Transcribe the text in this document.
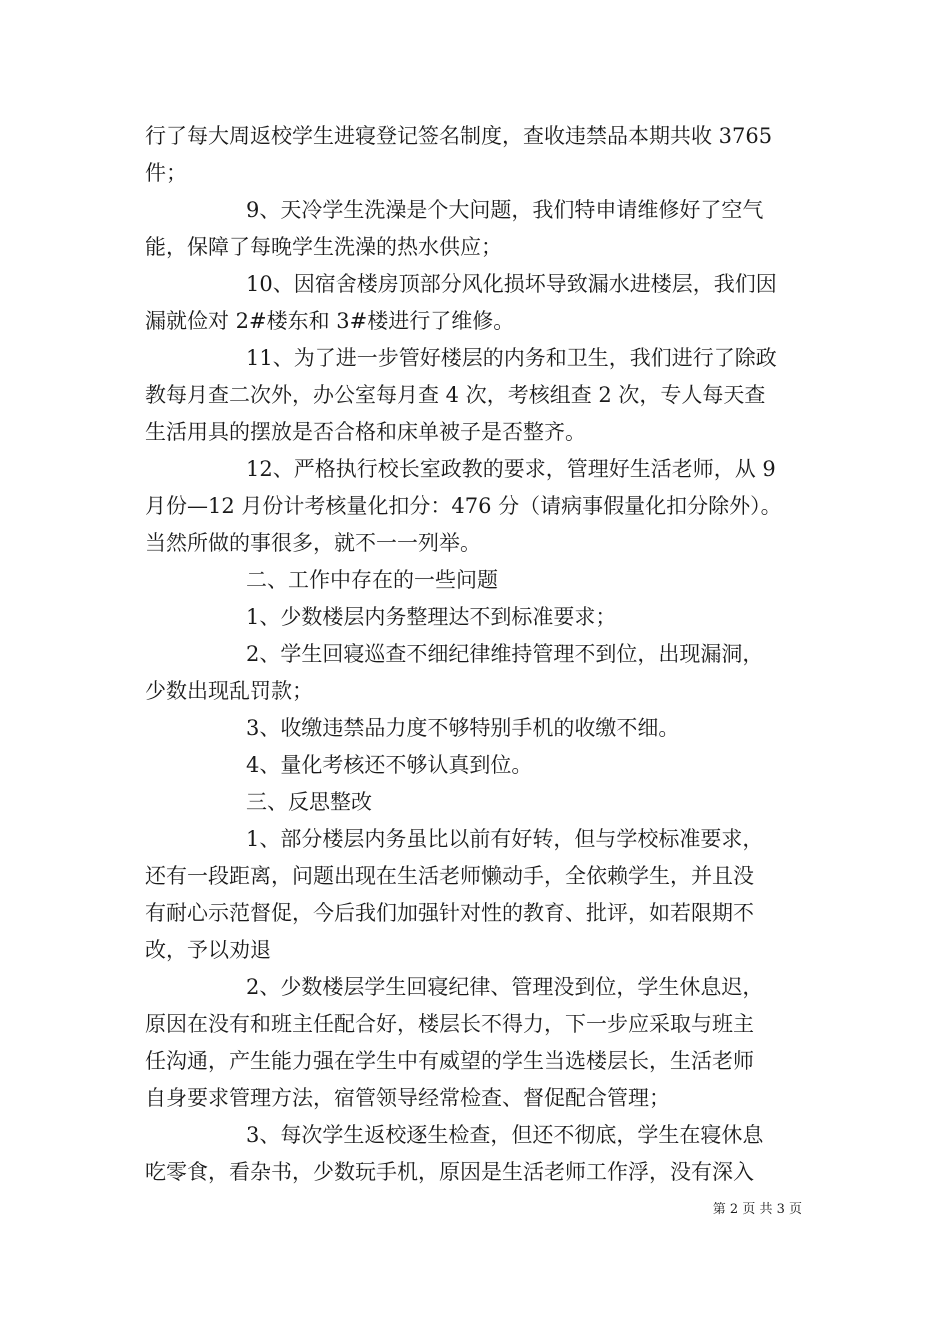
行了每大周返校学生进寝登记签名制度，查收违禁品本期共收 3765
件；
9、天冷学生洗澡是个大问题，我们特申请维修好了空气
能，保障了每晚学生洗澡的热水供应；
10、因宿舍楼房顶部分风化损坏导致漏水进楼层，我们因
漏就俭对 2#楼东和 3#楼进行了维修。
11、为了进一步管好楼层的内务和卫生，我们进行了除政
教每月查二次外，办公室每月查 4 次，考核组查 2 次，专人每天查
生活用具的摆放是否合格和床单被子是否整齐。
12、严格执行校长室政教的要求，管理好生活老师，从 9
月份—12 月份计考核量化扣分：476 分（请病事假量化扣分除外）。
当然所做的事很多，就不一一列举。
二、工作中存在的一些问题
1、少数楼层内务整理达不到标准要求；
2、学生回寝巡查不细纪律维持管理不到位，出现漏洞，
少数出现乱罚款；
3、收缴违禁品力度不够特别手机的收缴不细。
4、量化考核还不够认真到位。
三、反思整改
1、部分楼层内务虽比以前有好转，但与学校标准要求，
还有一段距离，问题出现在生活老师懒动手，全依赖学生，并且没
有耐心示范督促，今后我们加强针对性的教育、批评，如若限期不
改，予以劝退
2、少数楼层学生回寝纪律、管理没到位，学生休息迟，
原因在没有和班主任配合好，楼层长不得力，下一步应采取与班主
任沟通，产生能力强在学生中有威望的学生当选楼层长，生活老师
自身要求管理方法，宿管领导经常检查、督促配合管理；
3、每次学生返校逐生检查，但还不彻底，学生在寝休息
吃零食，看杂书，少数玩手机，原因是生活老师工作浮，没有深入
第 2 页 共 3 页
